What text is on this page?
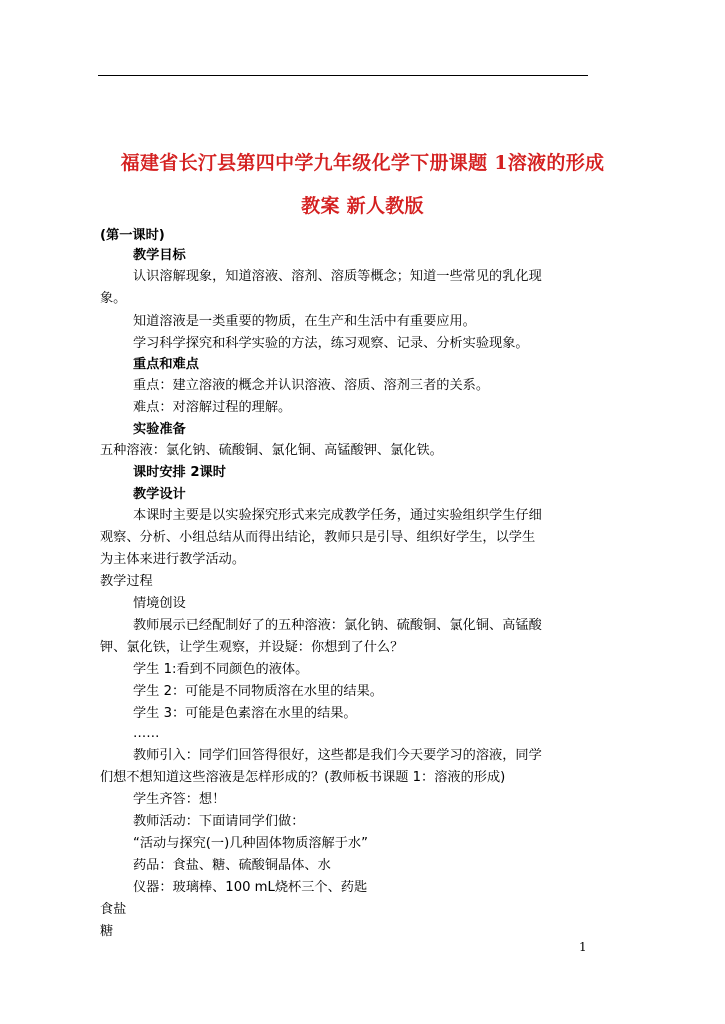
福建省长汀县第四中学九年级化学下册课题 1溶液的形成
教案 新人教版
(第一课时)
教学目标
认识溶解现象，知道溶液、溶剂、溶质等概念；知道一些常见的乳化现
象。
知道溶液是一类重要的物质，在生产和生活中有重要应用。
学习科学探究和科学实验的方法，练习观察、记录、分析实验现象。
重点和难点
重点：建立溶液的概念并认识溶液、溶质、溶剂三者的关系。
难点：对溶解过程的理解。
实验准备
五种溶液：氯化钠、硫酸铜、氯化铜、高锰酸钾、氯化铁。
课时安排 2课时
教学设计
本课时主要是以实验探究形式来完成教学任务，通过实验组织学生仔细
观察、分析、小组总结从而得出结论，教师只是引导、组织好学生，以学生
为主体来进行教学活动。
教学过程
情境创设
教师展示已经配制好了的五种溶液：氯化钠、硫酸铜、氯化铜、高锰酸
钾、氯化铁，让学生观察，并设疑：你想到了什么？
学生 1:看到不同颜色的液体。
学生 2：可能是不同物质溶在水里的结果。
学生 3：可能是色素溶在水里的结果。
……
教师引入：同学们回答得很好，这些都是我们今天要学习的溶液，同学
们想不想知道这些溶液是怎样形成的？(教师板书课题 1：溶液的形成)
学生齐答：想！
教师活动：下面请同学们做：
“活动与探究(一)几种固体物质溶解于水”
药品：食盐、糖、硫酸铜晶体、水
仪器：玻璃棒、100 mL烧杯三个、药匙
食盐
糖
1
